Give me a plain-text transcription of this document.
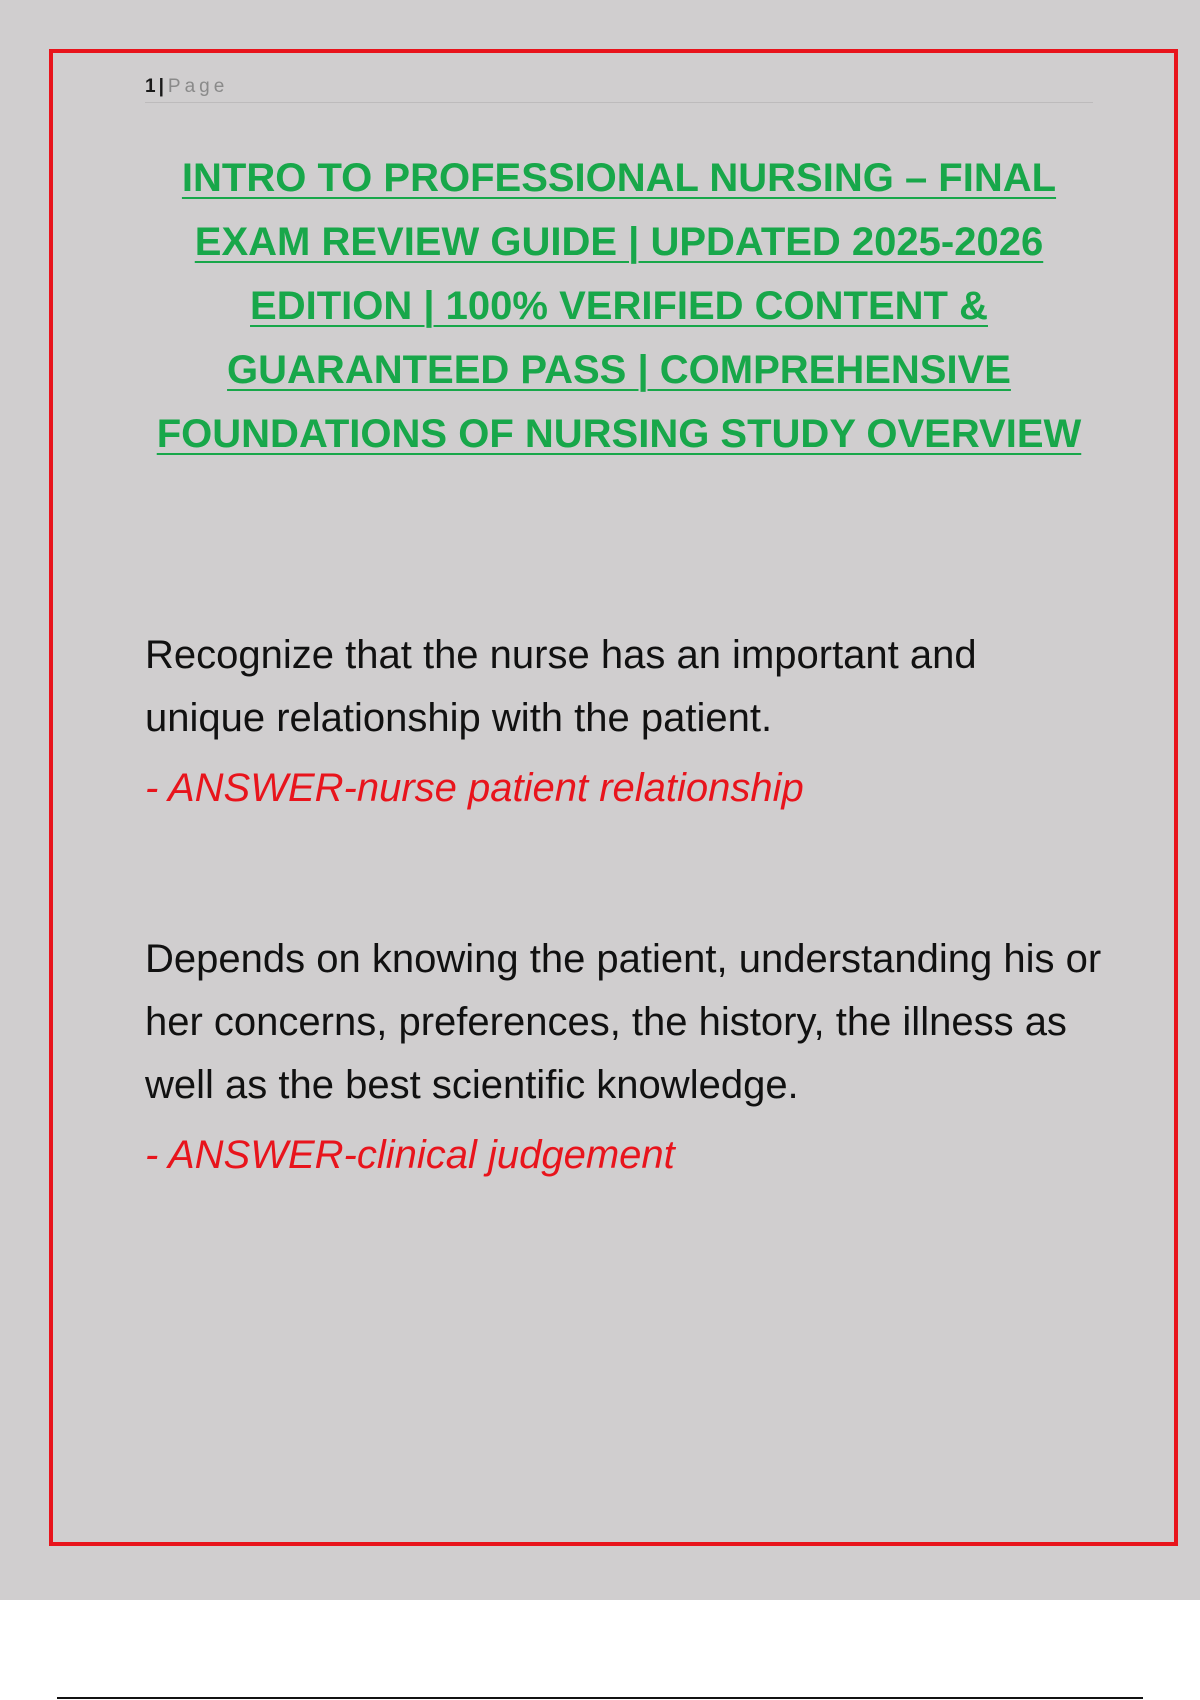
1 | Page
INTRO TO PROFESSIONAL NURSING – FINAL EXAM REVIEW GUIDE | UPDATED 2025-2026 EDITION | 100% VERIFIED CONTENT & GUARANTEED PASS | COMPREHENSIVE FOUNDATIONS OF NURSING STUDY OVERVIEW

Recognize that the nurse has an important and unique relationship with the patient.

- ANSWER-nurse patient relationship

Depends on knowing the patient, understanding his or her concerns, preferences, the history, the illness as well as the best scientific knowledge.

- ANSWER-clinical judgement
